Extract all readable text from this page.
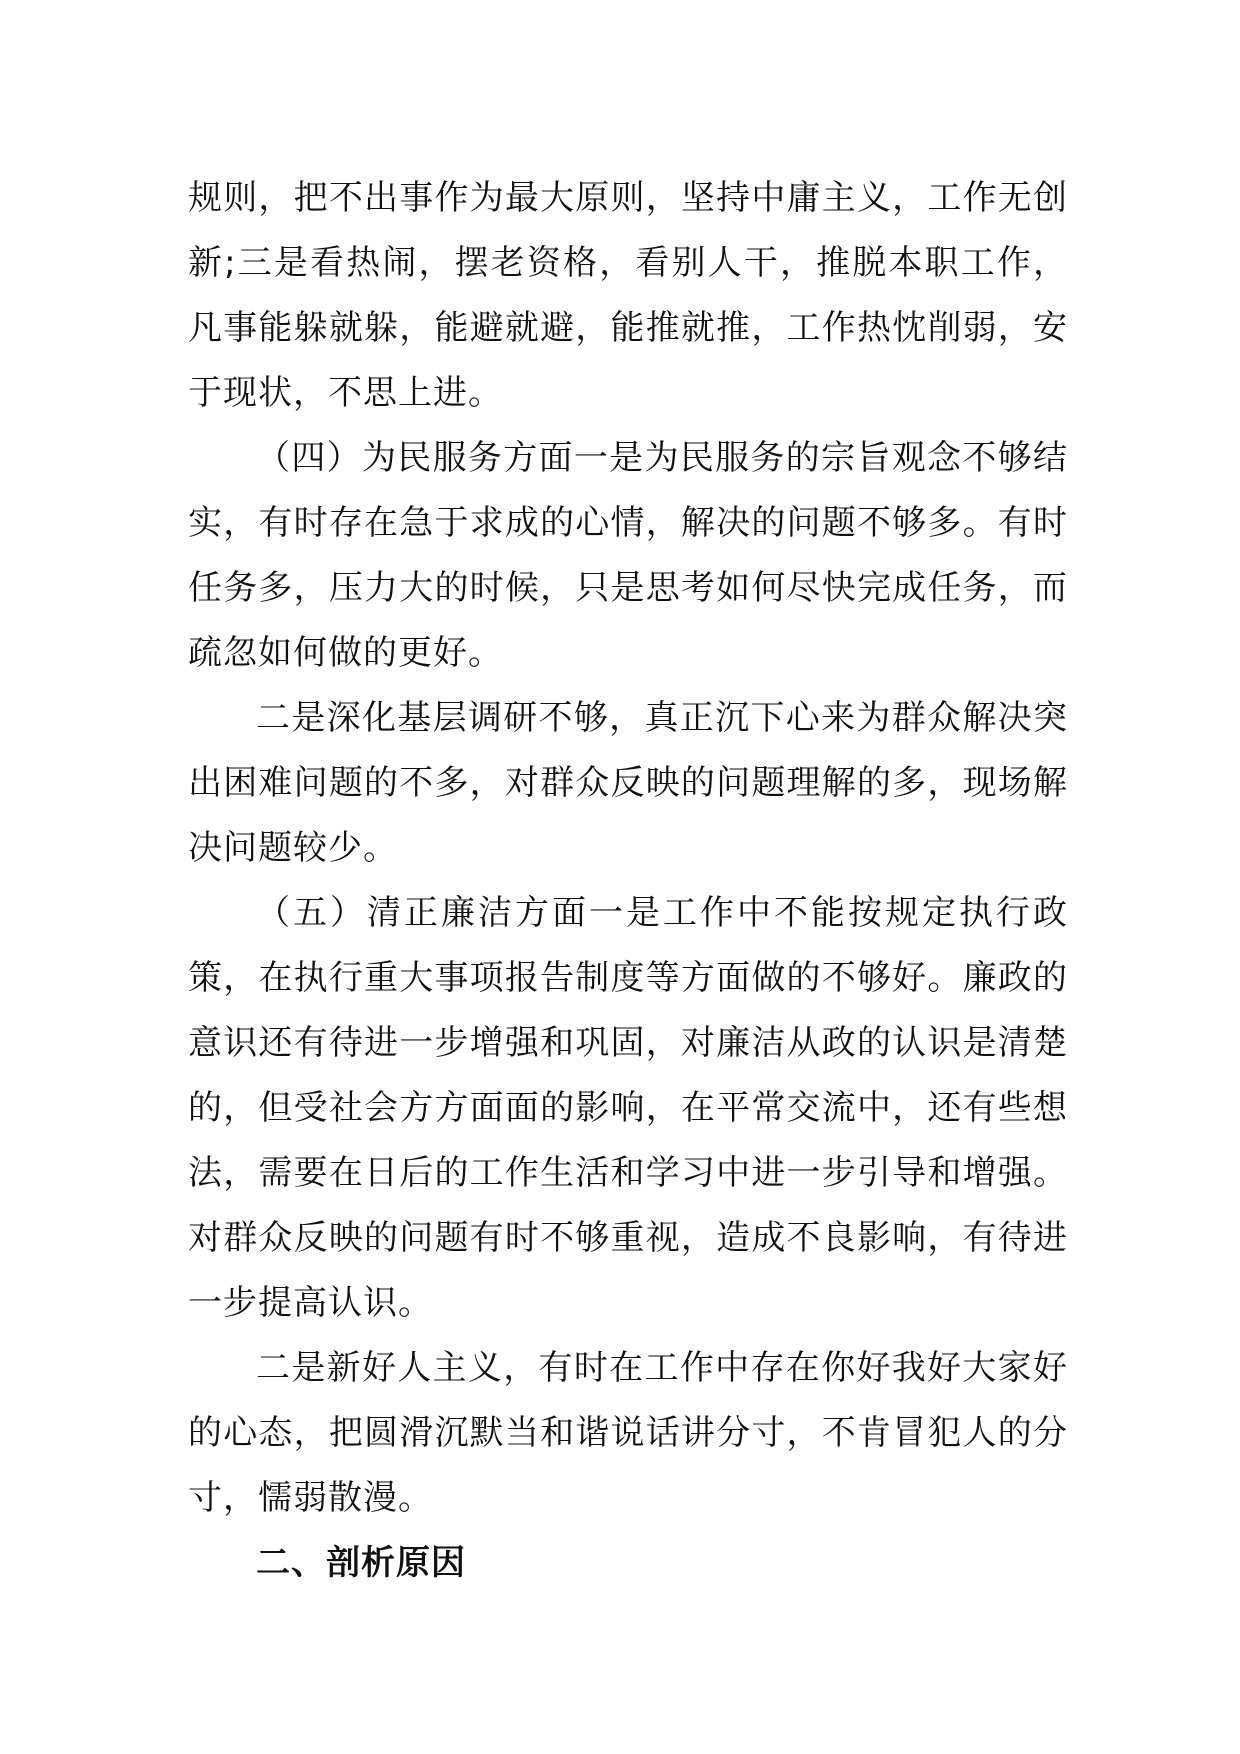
规则，把不出事作为最大原则，坚持中庸主义，工作无创新;三是看热闹，摆老资格，看别人干，推脱本职工作，凡事能躲就躲，能避就避，能推就推，工作热忱削弱，安于现状，不思上进。

（四）为民服务方面一是为民服务的宗旨观念不够结实，有时存在急于求成的心情，解决的问题不够多。有时任务多，压力大的时候，只是思考如何尽快完成任务，而疏忽如何做的更好。

二是深化基层调研不够，真正沉下心来为群众解决突出困难问题的不多，对群众反映的问题理解的多，现场解决问题较少。

（五）清正廉洁方面一是工作中不能按规定执行政策，在执行重大事项报告制度等方面做的不够好。廉政的意识还有待进一步增强和巩固，对廉洁从政的认识是清楚的，但受社会方方面面的影响，在平常交流中，还有些想法，需要在日后的工作生活和学习中进一步引导和增强。对群众反映的问题有时不够重视，造成不良影响，有待进一步提高认识。

二是新好人主义，有时在工作中存在你好我好大家好的心态，把圆滑沉默当和谐说话讲分寸，不肯冒犯人的分寸，懦弱散漫。

二、剖析原因
